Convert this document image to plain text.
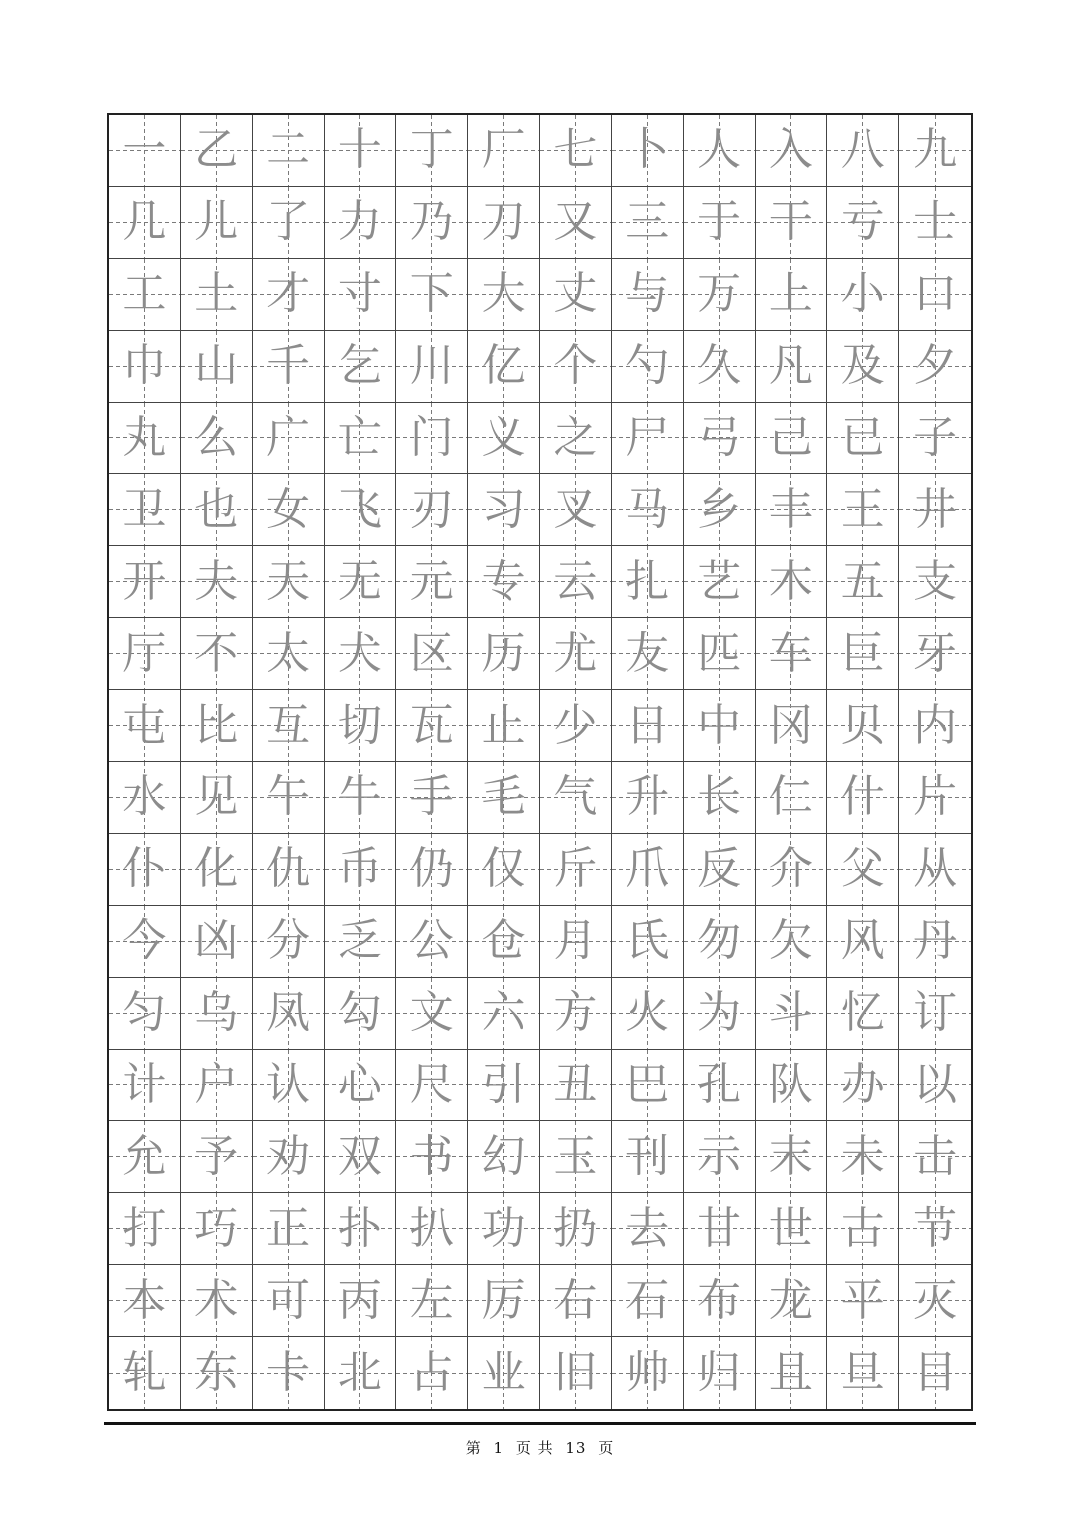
一 乙 二 十 丁 厂 七 卜 人 入 八 九
几 儿 了 力 乃 刀 又 三 于 干 亏 士
工 土 才 寸 下 大 丈 与 万 上 小 口
巾 山 千 乞 川 亿 个 勺 久 凡 及 夕
丸 么 广 亡 门 义 之 尸 弓 己 已 子
卫 也 女 飞 刃 习 叉 马 乡 丰 王 井
开 夫 天 无 元 专 云 扎 艺 木 五 支
厅 不 太 犬 区 历 尤 友 匹 车 巨 牙
屯 比 互 切 瓦 止 少 日 中 冈 贝 内
水 见 午 牛 手 毛 气 升 长 仁 什 片
仆 化 仇 币 仍 仅 斤 爪 反 介 父 从
今 凶 分 乏 公 仓 月 氏 勿 欠 风 丹
匀 乌 凤 勾 文 六 方 火 为 斗 忆 订
计 户 认 心 尺 引 丑 巴 孔 队 办 以
允 予 劝 双 书 幻 玉 刊 示 末 未 击
打 巧 正 扑 扒 功 扔 去 甘 世 古 节
本 术 可 丙 左 厉 右 石 布 龙 平 灭
轧 东 卡 北 占 业 旧 帅 归 且 旦 目
第 1 页 共 13 页
